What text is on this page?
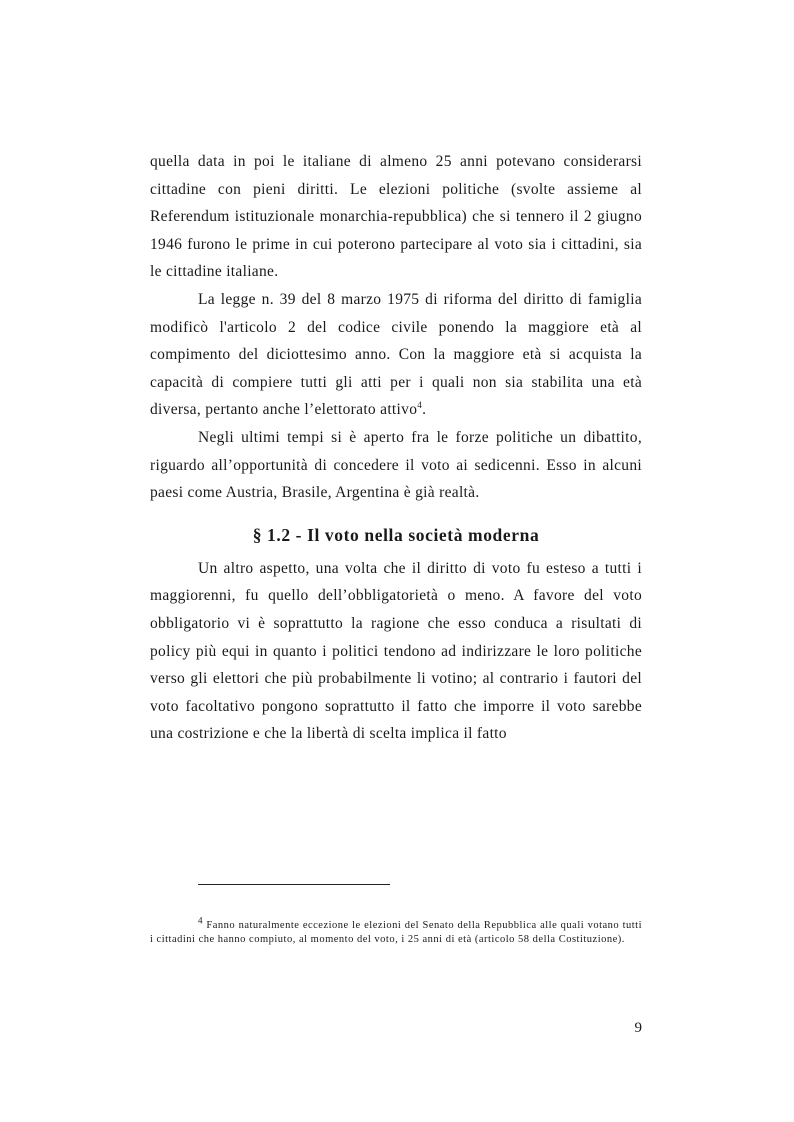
quella data in poi le italiane di almeno 25 anni potevano considerarsi cittadine con pieni diritti. Le elezioni politiche (svolte assieme al Referendum istituzionale monarchia-repubblica) che si tennero il 2 giugno 1946 furono le prime in cui poterono partecipare al voto sia i cittadini, sia le cittadine italiane.

La legge n. 39 del 8 marzo 1975 di riforma del diritto di famiglia modificò l'articolo 2 del codice civile ponendo la maggiore età al compimento del diciottesimo anno. Con la maggiore età si acquista la capacità di compiere tutti gli atti per i quali non sia stabilita una età diversa, pertanto anche l’elettorato attivo$^4$.

Negli ultimi tempi si è aperto fra le forze politiche un dibattito, riguardo all’opportunità di concedere il voto ai sedicenni. Esso in alcuni paesi come Austria, Brasile, Argentina è già realtà.

§ 1.2 - Il voto nella società moderna

Un altro aspetto, una volta che il diritto di voto fu esteso a tutti i maggiorenni, fu quello dell’obbligatorietà o meno. A favore del voto obbligatorio vi è soprattutto la ragione che esso conduca a risultati di policy più equi in quanto i politici tendono ad indirizzare le loro politiche verso gli elettori che più probabilmente li votino; al contrario i fautori del voto facoltativo pongono soprattutto il fatto che imporre il voto sarebbe una costrizione e che la libertà di scelta implica il fatto

$^4$ Fanno naturalmente eccezione le elezioni del Senato della Repubblica alle quali votano tutti i cittadini che hanno compiuto, al momento del voto, i 25 anni di età (articolo 58 della Costituzione).

9
